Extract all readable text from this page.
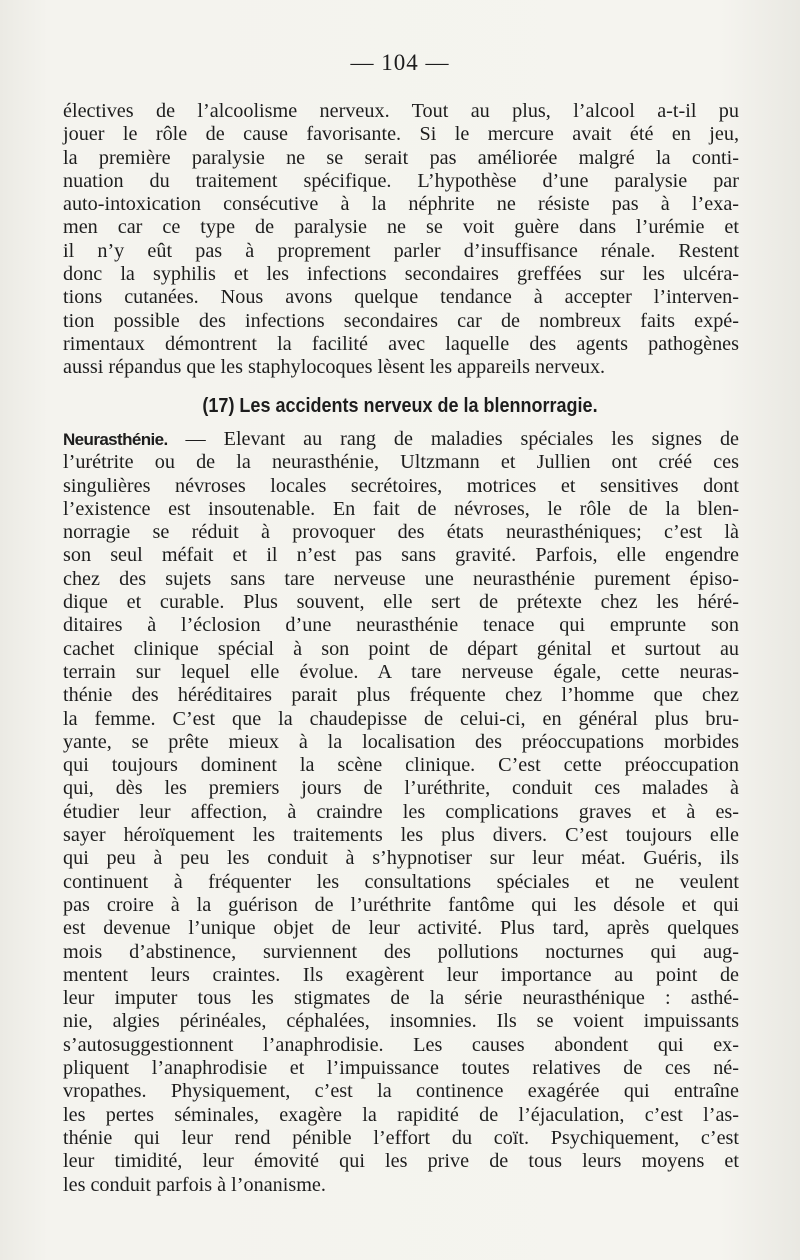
— 104 —
électives de l’alcoolisme nerveux. Tout au plus, l’alcool a-t-il pu
jouer le rôle de cause favorisante. Si le mercure avait été en jeu,
la première paralysie ne se serait pas améliorée malgré la conti-
nuation du traitement spécifique. L’hypothèse d’une paralysie par
auto-intoxication consécutive à la néphrite ne résiste pas à l’exa-
men car ce type de paralysie ne se voit guère dans l’urémie et
il n’y eût pas à proprement parler d’insuffisance rénale. Restent
donc la syphilis et les infections secondaires greffées sur les ulcéra-
tions cutanées. Nous avons quelque tendance à accepter l’interven-
tion possible des infections secondaires car de nombreux faits expé-
rimentaux démontrent la facilité avec laquelle des agents pathogènes
aussi répandus que les staphylocoques lèsent les appareils nerveux.
(17) Les accidents nerveux de la blennorragie.
Neurasthénie. — Elevant au rang de maladies spéciales les signes de
l’urétrite ou de la neurasthénie, Ultzmann et Jullien ont créé ces
singulières névroses locales secrétoires, motrices et sensitives dont
l’existence est insoutenable. En fait de névroses, le rôle de la blen-
norragie se réduit à provoquer des états neurasthéniques; c’est là
son seul méfait et il n’est pas sans gravité. Parfois, elle engendre
chez des sujets sans tare nerveuse une neurasthénie purement épiso-
dique et curable. Plus souvent, elle sert de prétexte chez les héré-
ditaires à l’éclosion d’une neurasthénie tenace qui emprunte son
cachet clinique spécial à son point de départ génital et surtout au
terrain sur lequel elle évolue. A tare nerveuse égale, cette neuras-
thénie des héréditaires parait plus fréquente chez l’homme que chez
la femme. C’est que la chaudepisse de celui-ci, en général plus bru-
yante, se prête mieux à la localisation des préoccupations morbides
qui toujours dominent la scène clinique. C’est cette préoccupation
qui, dès les premiers jours de l’uréthrite, conduit ces malades à
étudier leur affection, à craindre les complications graves et à es-
sayer héroïquement les traitements les plus divers. C’est toujours elle
qui peu à peu les conduit à s’hypnotiser sur leur méat. Guéris, ils
continuent à fréquenter les consultations spéciales et ne veulent
pas croire à la guérison de l’uréthrite fantôme qui les désole et qui
est devenue l’unique objet de leur activité. Plus tard, après quelques
mois d’abstinence, surviennent des pollutions nocturnes qui aug-
mentent leurs craintes. Ils exagèrent leur importance au point de
leur imputer tous les stigmates de la série neurasthénique : asthé-
nie, algies périnéales, céphalées, insomnies. Ils se voient impuissants
s’autosuggestionnent l’anaphrodisie. Les causes abondent qui ex-
pliquent l’anaphrodisie et l’impuissance toutes relatives de ces né-
vropathes. Physiquement, c’est la continence exagérée qui entraîne
les pertes séminales, exagère la rapidité de l’éjaculation, c’est l’as-
thénie qui leur rend pénible l’effort du coït. Psychiquement, c’est
leur timidité, leur émovité qui les prive de tous leurs moyens et
les conduit parfois à l’onanisme.
